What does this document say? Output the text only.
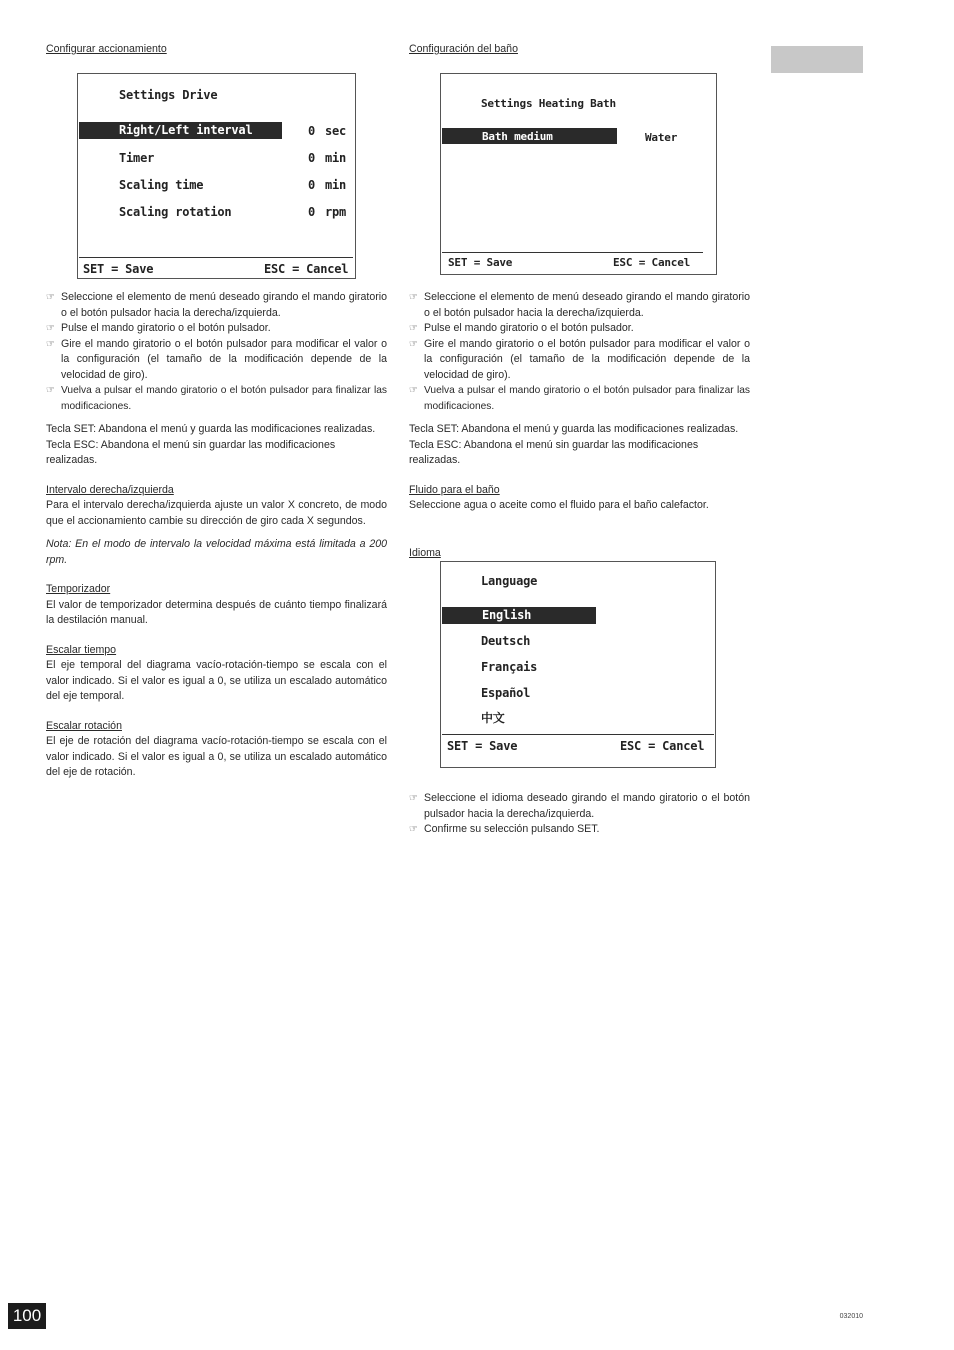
Configurar accionamiento

Settings Drive
Right/Left interval	0 sec
Timer	0 min
Scaling time	0 min
Scaling rotation	0 rpm
SET = Save	ESC = Cancel
☞ Seleccione el elemento de menú deseado girando el mando giratorio o el botón pulsador hacia la derecha/izquierda.
☞ Pulse el mando giratorio o el botón pulsador.
☞ Gire el mando giratorio o el botón pulsador para modificar el valor o la configuración (el tamaño de la modificación depende de la velocidad de giro).
☞ Vuelva a pulsar el mando giratorio o el botón pulsador para finalizar las modificaciones.

Tecla SET: Abandona el menú y guarda las modificaciones realizadas.

Tecla ESC: Abandona el menú sin guardar las modificaciones realizadas.

Intervalo derecha/izquierda

Para el intervalo derecha/izquierda ajuste un valor X concreto, de modo que el accionamiento cambie su dirección de giro cada X segundos.

Nota: En el modo de intervalo la velocidad máxima está limitada a 200 rpm.

Temporizador

El valor de temporizador determina después de cuánto tiempo finalizará la destilación manual.

Escalar tiempo

El eje temporal del diagrama vacío-rotación-tiempo se escala con el valor indicado. Si el valor es igual a 0, se utiliza un escalado automático del eje temporal.

Escalar rotación

El eje de rotación del diagrama vacío-rotación-tiempo se escala con el valor indicado. Si el valor es igual a 0, se utiliza un escalado automático del eje de rotación.

Configuración del baño

Settings Heating Bath
Bath medium	Water
SET = Save	ESC = Cancel
☞ Seleccione el elemento de menú deseado girando el mando giratorio o el botón pulsador hacia la derecha/izquierda.
☞ Pulse el mando giratorio o el botón pulsador.
☞ Gire el mando giratorio o el botón pulsador para modificar el valor o la configuración (el tamaño de la modificación depende de la velocidad de giro).
☞ Vuelva a pulsar el mando giratorio o el botón pulsador para finalizar las modificaciones.

Tecla SET: Abandona el menú y guarda las modificaciones realizadas.

Tecla ESC: Abandona el menú sin guardar las modificaciones realizadas.

Fluido para el baño

Seleccione agua o aceite como el fluido para el baño calefactor.

Idioma

Language
English
Deutsch
Français
Español
中文
SET = Save	ESC = Cancel
☞ Seleccione el idioma deseado girando el mando giratorio o el botón pulsador hacia la derecha/izquierda.
☞ Confirme su selección pulsando SET.
100	032010
